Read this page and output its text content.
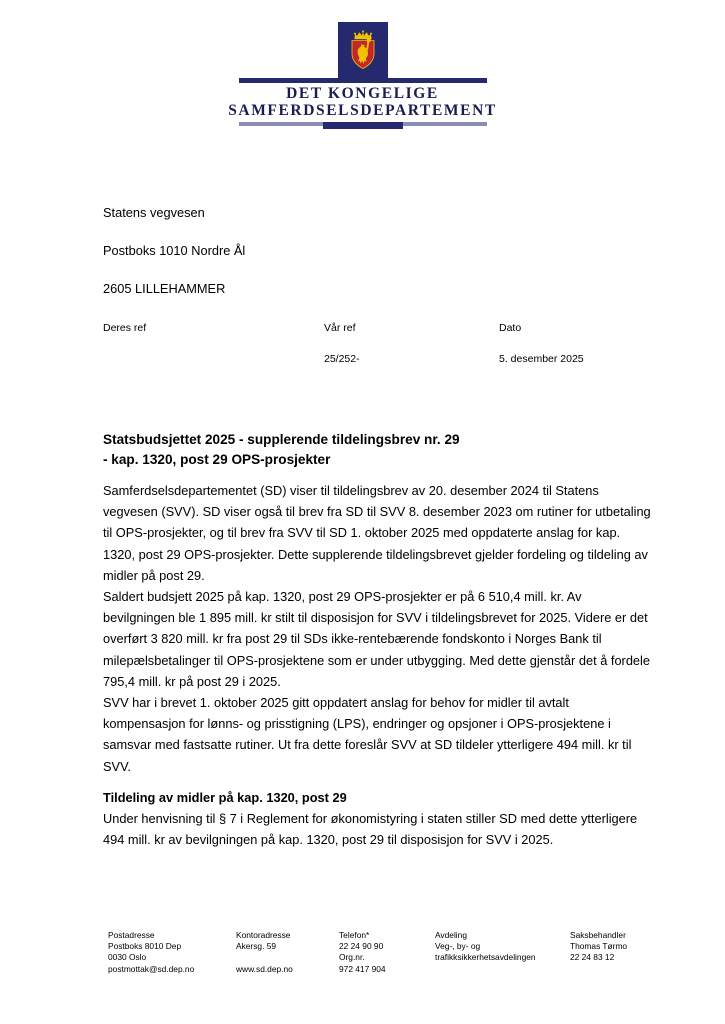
DET KONGELIGE
SAMFERDSELSDEPARTEMENT

Statens vegvesen

Postboks 1010 Nordre Ål

2605 LILLEHAMMER

Deres ref	Vår ref
25/252-
Dato
5. desember 2025
Statsbudsjettet 2025 - supplerende tildelingsbrev nr. 29
- kap. 1320, post 29 OPS-prosjekter
Samferdselsdepartementet (SD) viser til tildelingsbrev av 20. desember 2024 til Statens vegvesen (SVV). SD viser også til brev fra SD til SVV 8. desember 2023 om rutiner for utbetaling til OPS-prosjekter, og til brev fra SVV til SD 1. oktober 2025 med oppdaterte anslag for kap. 1320, post 29 OPS-prosjekter. Dette supplerende tildelingsbrevet gjelder fordeling og tildeling av midler på post 29.
Saldert budsjett 2025 på kap. 1320, post 29 OPS-prosjekter er på 6 510,4 mill. kr. Av bevilgningen ble 1 895 mill. kr stilt til disposisjon for SVV i tildelingsbrevet for 2025. Videre er det overført 3 820 mill. kr fra post 29 til SDs ikke-rentebærende fondskonto i Norges Bank til milepælsbetalinger til OPS-prosjektene som er under utbygging. Med dette gjenstår det å fordele 795,4 mill. kr på post 29 i 2025.
SVV har i brevet 1. oktober 2025 gitt oppdatert anslag for behov for midler til avtalt kompensasjon for lønns- og prisstigning (LPS), endringer og opsjoner i OPS-prosjektene i samsvar med fastsatte rutiner. Ut fra dette foreslår SVV at SD tildeler ytterligere 494 mill. kr til SVV.
Tildeling av midler på kap. 1320, post 29
Under henvisning til § 7 i Reglement for økonomistyring i staten stiller SD med dette ytterligere 494 mill. kr av bevilgningen på kap. 1320, post 29 til disposisjon for SVV i 2025.
Postadresse
Postboks 8010 Dep
0030 Oslo
postmottak@sd.dep.no
Kontoradresse
Akersg. 59
www.sd.dep.no
Telefon*
22 24 90 90
Org.nr.
972 417 904
Avdeling
Veg-, by- og
trafikksikkerhetsavdelingen
Saksbehandler
Thomas Tørmo
22 24 83 12
